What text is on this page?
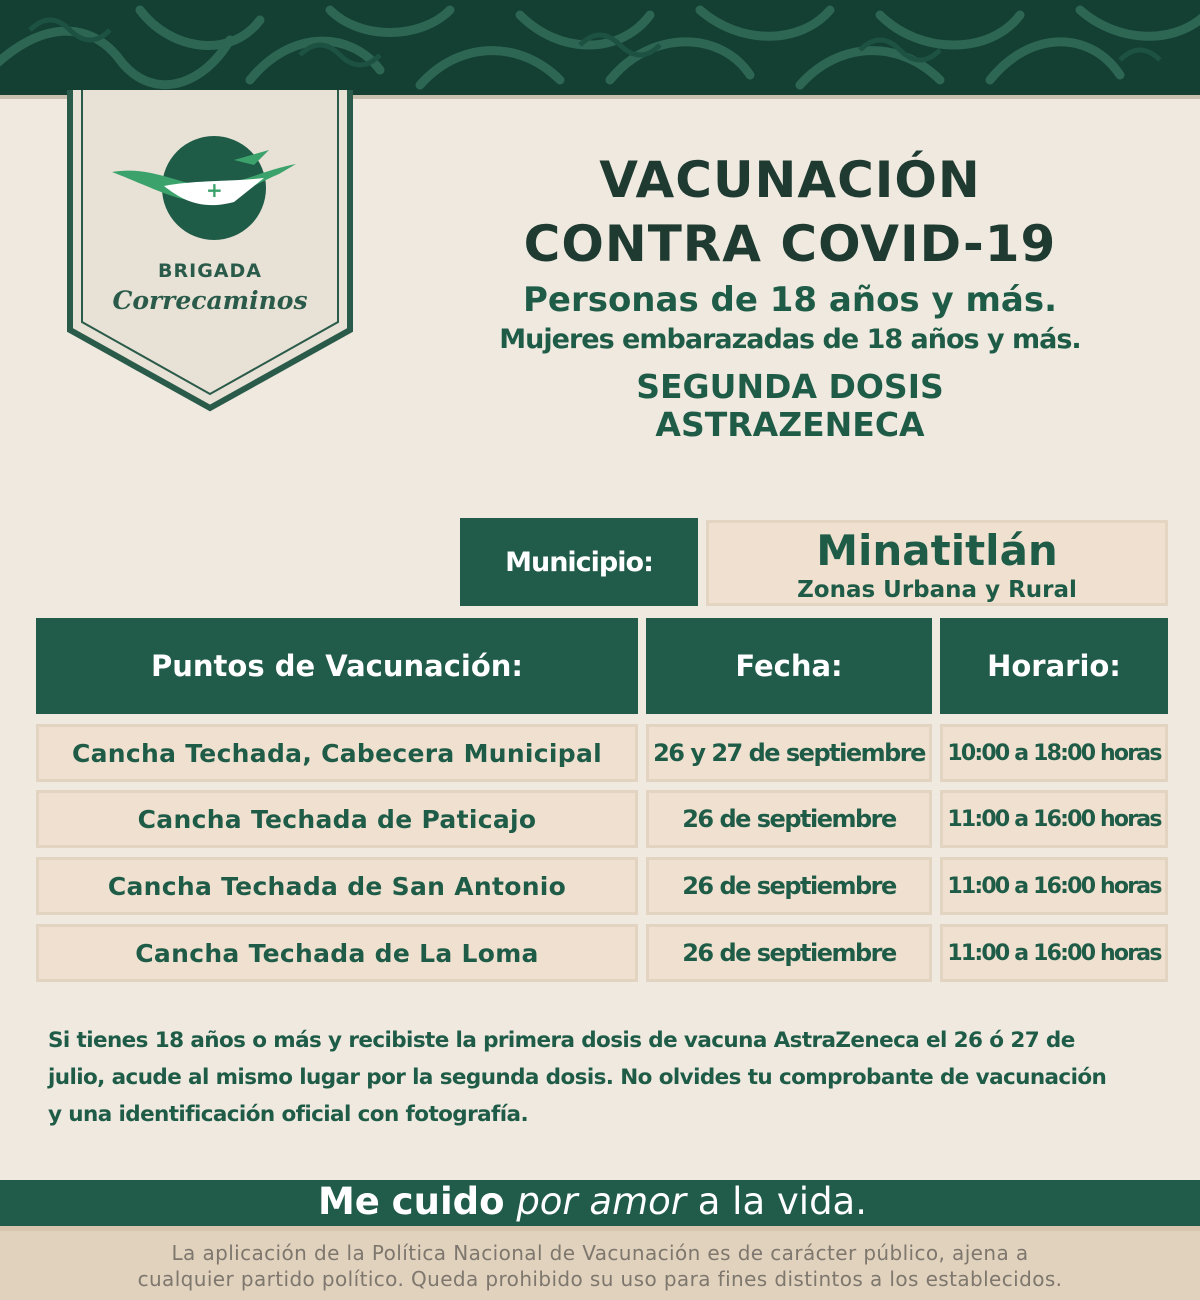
+
BRIGADA
Correcaminos
VACUNACIÓN
CONTRA COVID-19
Personas de 18 años y más.
Mujeres embarazadas de 18 años y más.
SEGUNDA DOSIS
ASTRAZENECA
Municipio:	Minatitlán
Zonas Urbana y Rural
Puntos de Vacunación:	Fecha:	Horario:
Cancha Techada, Cabecera Municipal	26 y 27 de septiembre	10:00 a 18:00 horas
Cancha Techada de Paticajo	26 de septiembre	11:00 a 16:00 horas
Cancha Techada de San Antonio	26 de septiembre	11:00 a 16:00 horas
Cancha Techada de La Loma	26 de septiembre	11:00 a 16:00 horas
Si tienes 18 años o más y recibiste la primera dosis de vacuna AstraZeneca el 26 ó 27 de
julio, acude al mismo lugar por la segunda dosis. No olvides tu comprobante de vacunación
y una identificación oficial con fotografía.
Me cuido por amor a la vida.
La aplicación de la Política Nacional de Vacunación es de carácter público, ajena a
cualquier partido político. Queda prohibido su uso para fines distintos a los establecidos.
